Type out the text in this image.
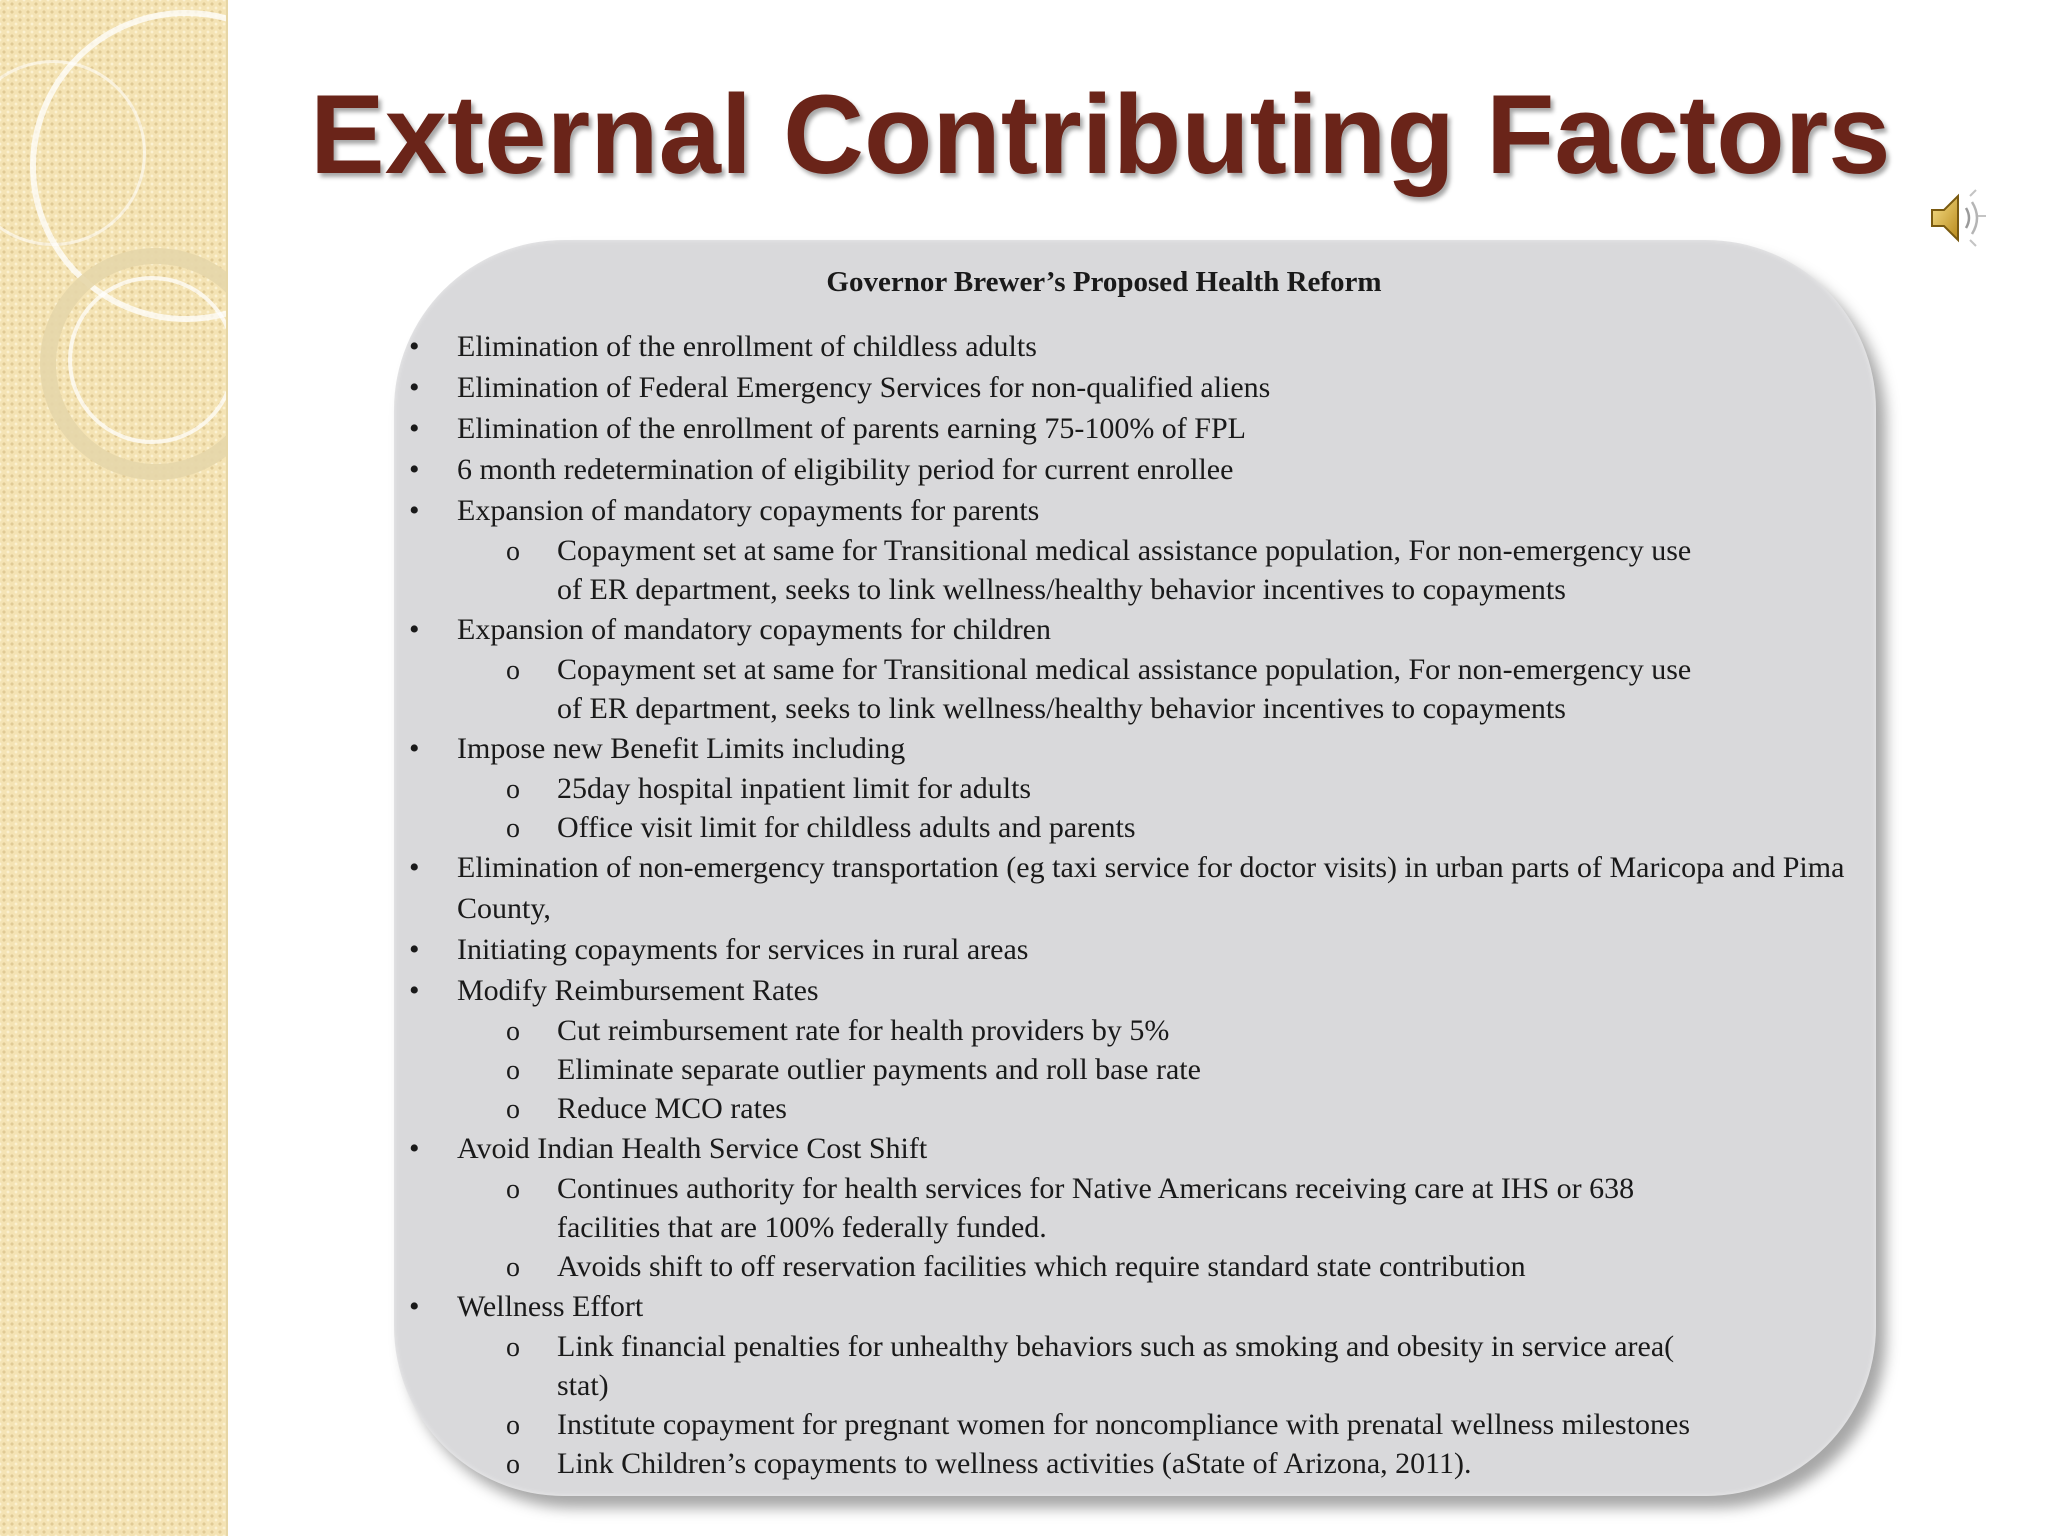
External Contributing Factors
Governor Brewer’s Proposed Health Reform
• Elimination of the enrollment of childless adults
• Elimination of Federal Emergency Services for non-qualified aliens
• Elimination of the enrollment of parents earning 75-100% of FPL
• 6 month redetermination of eligibility period for current enrollee
• Expansion of mandatory copayments for parents
o Copayment set at same for Transitional medical assistance population, For non-emergency use of ER department, seeks to link wellness/healthy behavior incentives to copayments
• Expansion of mandatory copayments for children
o Copayment set at same for Transitional medical assistance population, For non-emergency use of ER department, seeks to link wellness/healthy behavior incentives to copayments
• Impose new Benefit Limits including
o 25day hospital inpatient limit for adults
o Office visit limit for childless adults and parents
• Elimination of non-emergency transportation (eg taxi service for doctor visits) in urban parts of Maricopa and Pima County,
• Initiating copayments for services in rural areas
• Modify Reimbursement Rates
o Cut reimbursement rate for health providers by 5%
o Eliminate separate outlier payments and roll base rate
o Reduce MCO rates
• Avoid Indian Health Service Cost Shift
o Continues authority for health services for Native Americans receiving care at IHS or 638 facilities that are 100% federally funded.
o Avoids shift to off reservation facilities which require standard state contribution
• Wellness Effort
o Link financial penalties for unhealthy behaviors such as smoking and obesity in service area( stat)
o Institute copayment for pregnant women for noncompliance with prenatal wellness milestones
o Link Children’s copayments to wellness activities (aState of Arizona, 2011).
